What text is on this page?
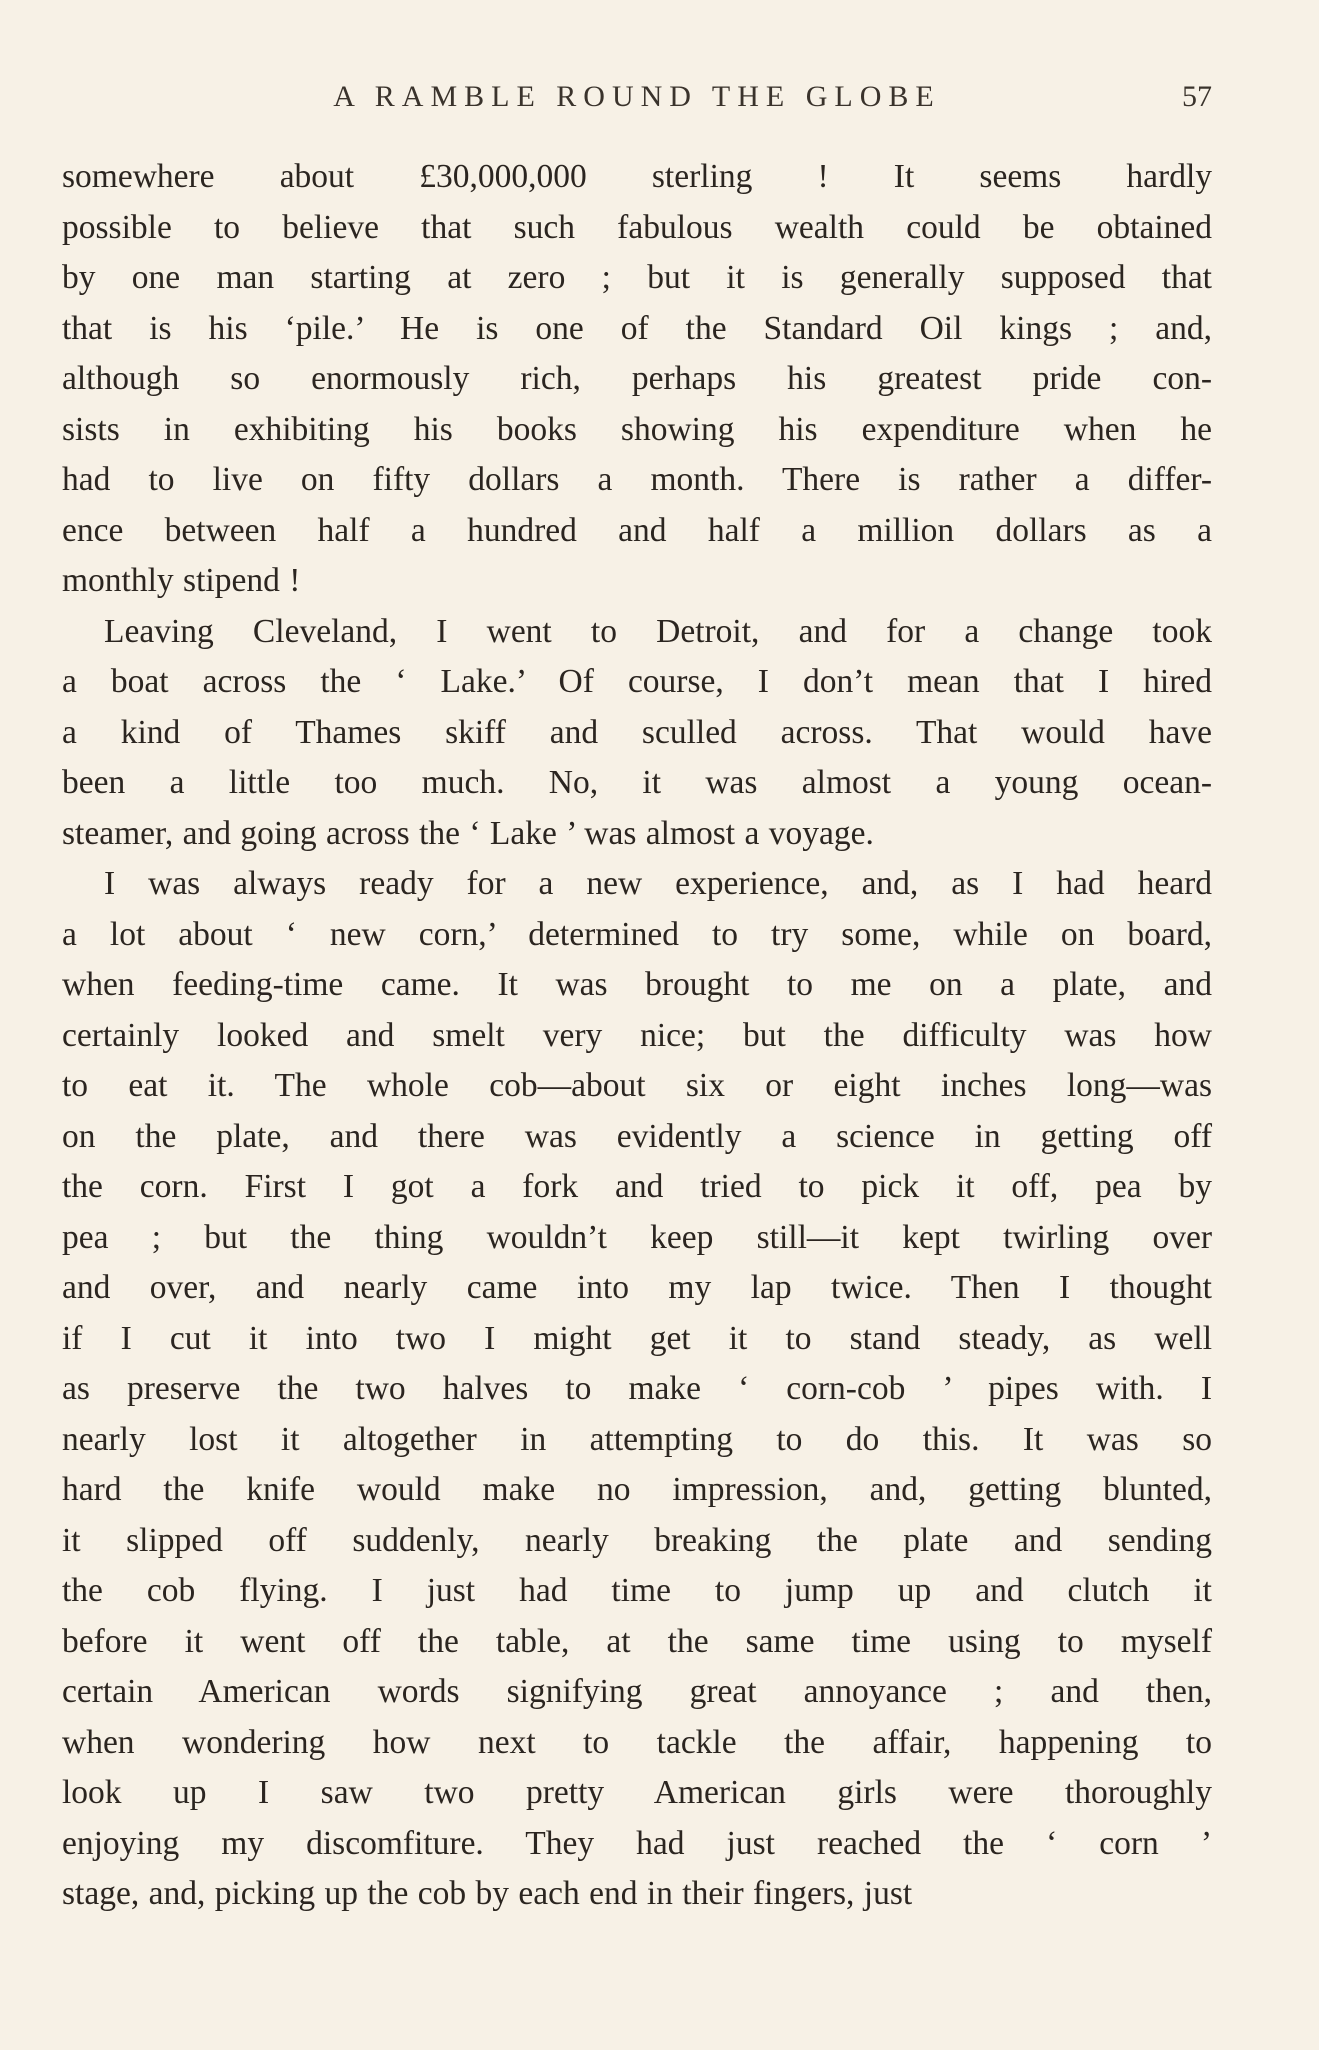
A RAMBLE ROUND THE GLOBE	57
somewhere about £30,000,000 sterling ! It seems hardly
possible to believe that such fabulous wealth could be obtained
by one man starting at zero ; but it is generally supposed that
that is his ‘pile.’ He is one of the Standard Oil kings ; and,
although so enormously rich, perhaps his greatest pride con-
sists in exhibiting his books showing his expenditure when he
had to live on fifty dollars a month. There is rather a differ-
ence between half a hundred and half a million dollars as a
monthly stipend !
Leaving Cleveland, I went to Detroit, and for a change took
a boat across the ‘ Lake.’ Of course, I don’t mean that I hired
a kind of Thames skiff and sculled across. That would have
been a little too much. No, it was almost a young ocean-
steamer, and going across the ‘ Lake ’ was almost a voyage.
I was always ready for a new experience, and, as I had heard
a lot about ‘ new corn,’ determined to try some, while on board,
when feeding-time came. It was brought to me on a plate, and
certainly looked and smelt very nice; but the difficulty was how
to eat it. The whole cob—about six or eight inches long—was
on the plate, and there was evidently a science in getting off
the corn. First I got a fork and tried to pick it off, pea by
pea ; but the thing wouldn’t keep still—it kept twirling over
and over, and nearly came into my lap twice. Then I thought
if I cut it into two I might get it to stand steady, as well
as preserve the two halves to make ‘ corn-cob ’ pipes with. I
nearly lost it altogether in attempting to do this. It was so
hard the knife would make no impression, and, getting blunted,
it slipped off suddenly, nearly breaking the plate and sending
the cob flying. I just had time to jump up and clutch it
before it went off the table, at the same time using to myself
certain American words signifying great annoyance ; and then,
when wondering how next to tackle the affair, happening to
look up I saw two pretty American girls were thoroughly
enjoying my discomfiture. They had just reached the ‘ corn ’
stage, and, picking up the cob by each end in their fingers, just
